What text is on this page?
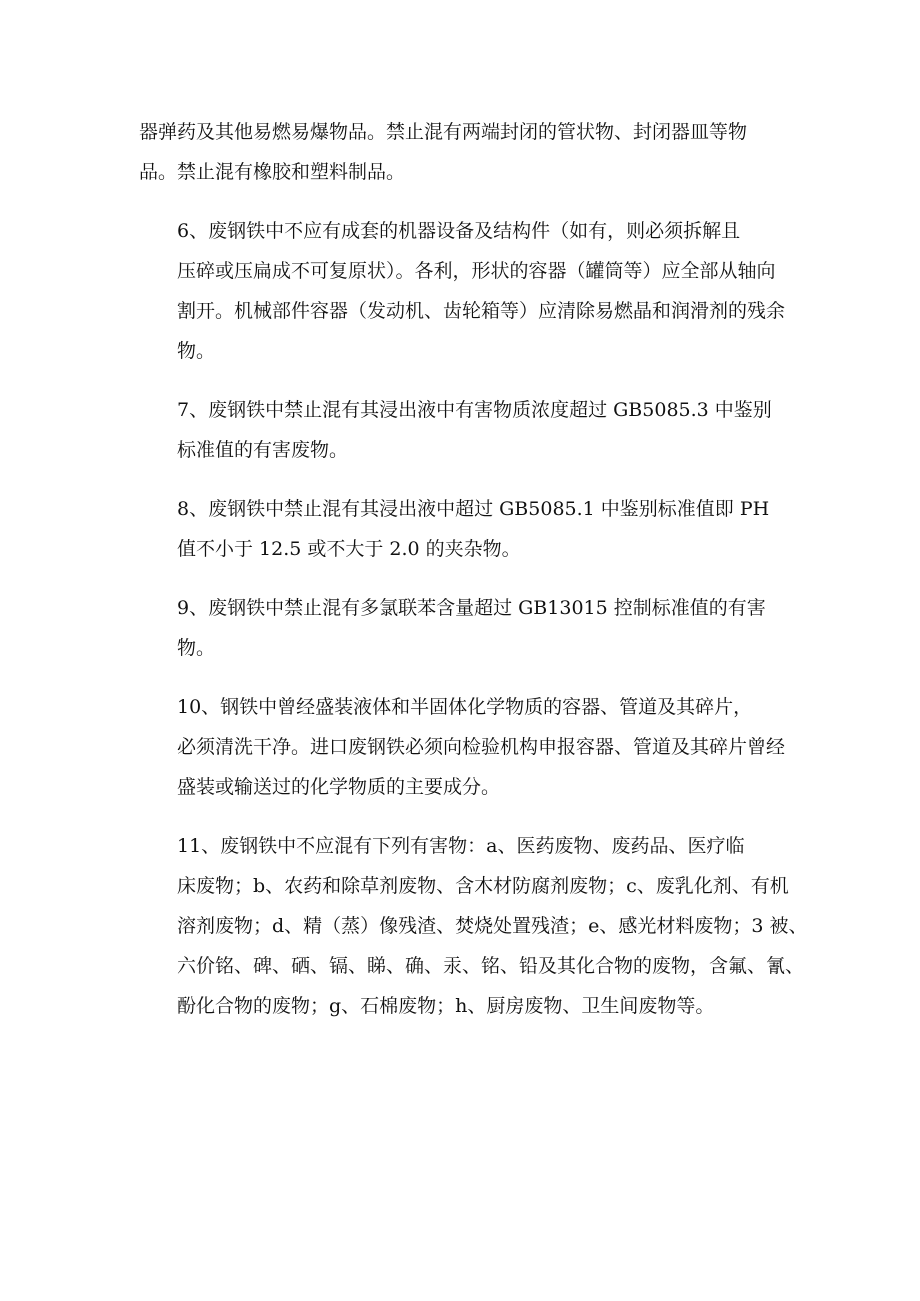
器弹药及其他易燃易爆物品。禁止混有两端封闭的管状物、封闭器皿等物
品。禁止混有橡胶和塑料制品。

6、废钢铁中不应有成套的机器设备及结构件（如有，则必须拆解且
压碎或压扁成不可复原状）。各利，形状的容器（罐筒等）应全部从轴向
割开。机械部件容器（发动机、齿轮箱等）应清除易燃晶和润滑剂的残余
物。

7、废钢铁中禁止混有其浸出液中有害物质浓度超过 GB5085.3 中鉴别
标准值的有害废物。

8、废钢铁中禁止混有其浸出液中超过 GB5085.1 中鉴别标准值即 PH
值不小于 12.5 或不大于 2.0 的夹杂物。

9、废钢铁中禁止混有多氯联苯含量超过 GB13015 控制标准值的有害
物。

10、钢铁中曾经盛装液体和半固体化学物质的容器、管道及其碎片，
必须清洗干净。进口废钢铁必须向检验机构申报容器、管道及其碎片曾经
盛装或输送过的化学物质的主要成分。

11、废钢铁中不应混有下列有害物：a、医药废物、废药品、医疗临
床废物；b、农药和除草剂废物、含木材防腐剂废物；c、废乳化剂、有机
溶剂废物；d、精（蒸）像残渣、焚烧处置残渣；e、感光材料废物；3 被、
六价铭、碑、硒、镉、睇、确、汞、铭、铅及其化合物的废物，含氟、氰、
酚化合物的废物；g、石棉废物；h、厨房废物、卫生间废物等。
